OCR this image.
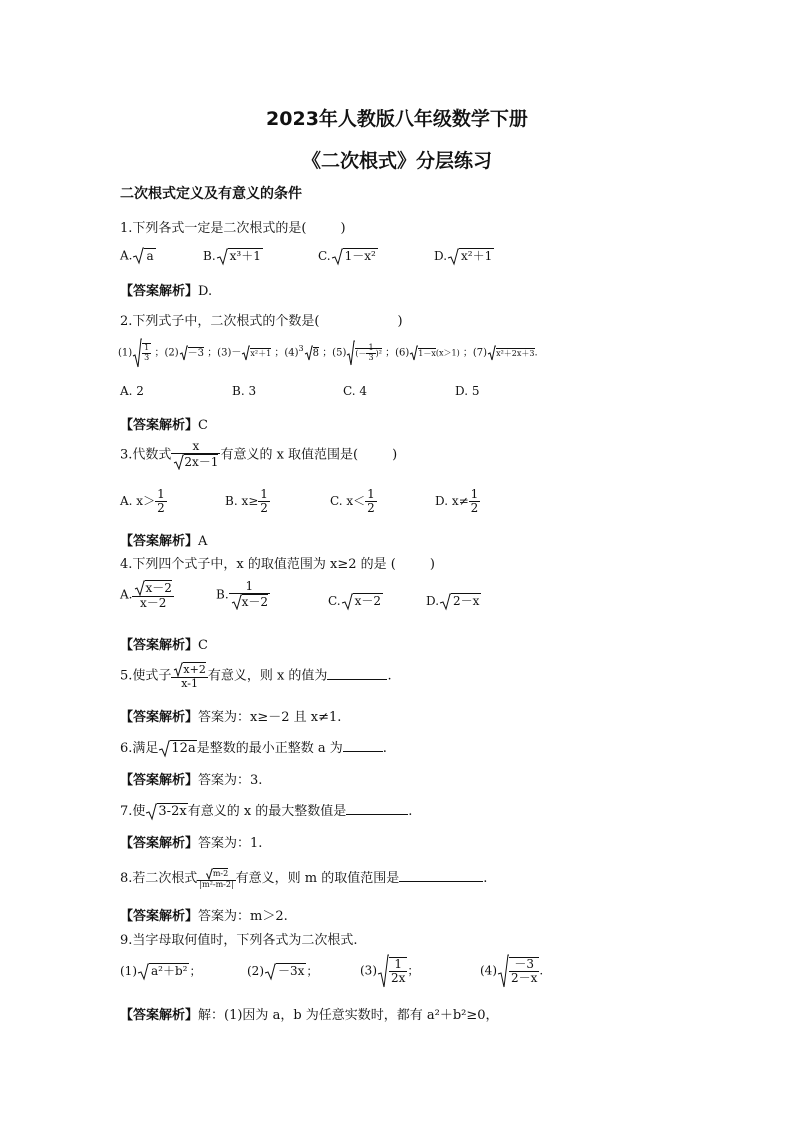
2023年人教版八年级数学下册
《二次根式》分层练习
二次根式定义及有意义的条件
1.下列各式一定是二次根式的是(	)
A. a	B. x³＋1	C. 1－x²	D. x²＋1
【答案解析】D.
2.下列式子中，二次根式的个数是(	)
$(1) \frac{1}{3}$ ；(2) －3 ；(3)－ x²＋1 ；$(4)^3$ 8 ；(5) (－ $\frac{1}{3} )^2$ ；(6) 1－x(x＞1) ；(7) x²＋2x＋3.
A. 2	B. 3	C. 4	D. 5
【答案解析】C
3.代数式 $\frac{x}{2x-1}$ 有意义的 x 取值范围是(	)
A. $x> \frac{1}{2}$	B. $x\ge \frac{1}{2}$	C. $x< \frac{1}{2}$	D. $x\ne \frac{1}{2}$
【答案解析】A
4.下列四个式子中，x 的取值范围为 x≥2 的是 (	)
A. $\frac{x-2}{x-2}$	B. $\frac{1}{x-2}$	C. x－2	D. 2－x
【答案解析】C
5.使式子 $\frac{x+2}{x-1}$ 有意义，则 x 的值为	.
【答案解析】答案为：x≥－2 且 x≠1.
6.满足 12a是整数的最小正整数 a 为	.
【答案解析】答案为：3.
7.使 3-2x有意义的 x 的最大整数值是	.
【答案解析】答案为：1.
8.若二次根式 $\frac{m-2}{\text{|m²-m-2|}}$ 有意义，则 m 的取值范围是	.
【答案解析】答案为：m＞2.
9.当字母取何值时，下列各式为二次根式.
(1) a²＋b² ；	(2) －3x ；	$(3) \frac{1}{2x}$ ；	$(4) \frac{-3}{2-x}$ .
【答案解析】解：(1)因为 a，b 为任意实数时，都有 a²＋b²≥0，
